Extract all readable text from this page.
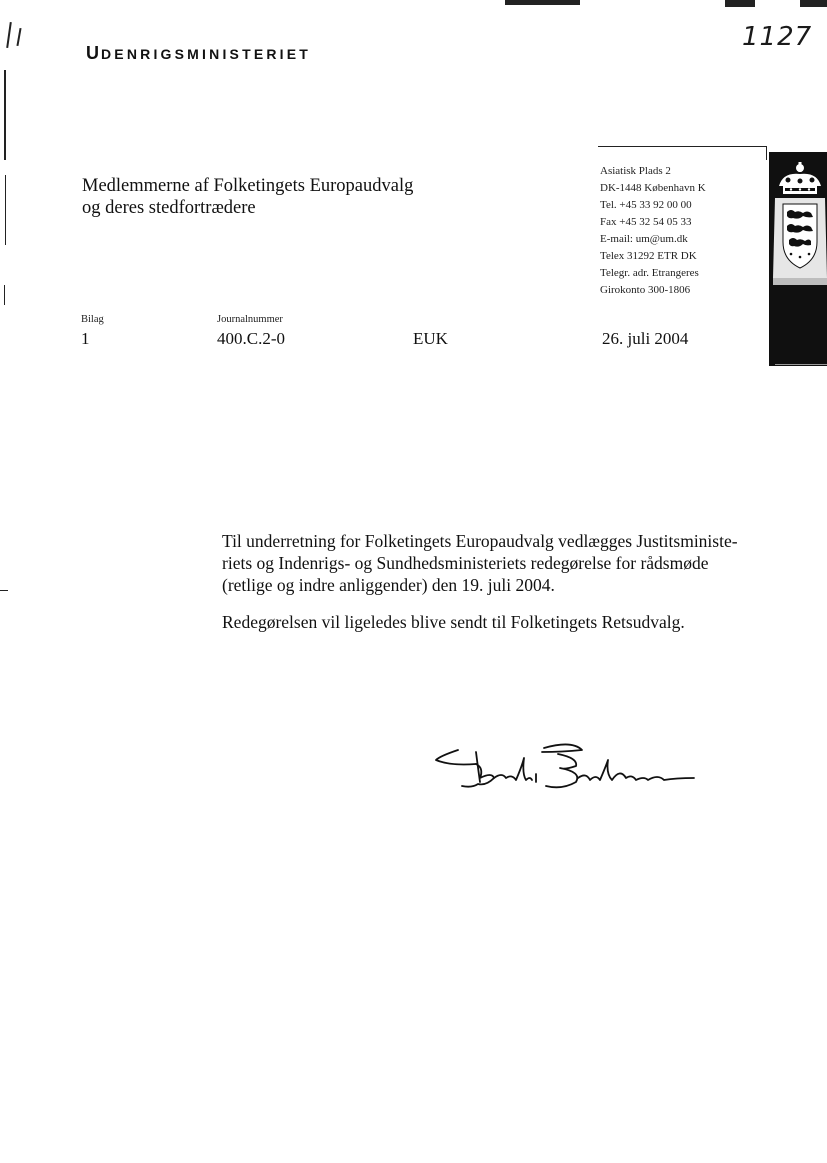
UDENRIGSMINISTERIET
1127
Medlemmerne af Folketingets Europaudvalg
og deres stedfortrædere
Asiatisk Plads 2
DK-1448 København K
Tel. +45 33 92 00 00
Fax +45 32 54 05 33
E-mail: um@um.dk
Telex 31292 ETR DK
Telegr. adr. Etrangeres
Girokonto 300-1806
Bilag
1
Journalnummer
400.C.2-0	EUK	26. juli 2004

Til underretning for Folketingets Europaudvalg vedlægges Justitsministe-

riets og Indenrigs- og Sundhedsministeriets redegørelse for rådsmøde

(retlige og indre anliggender) den 19. juli 2004.

Redegørelsen vil ligeledes blive sendt til Folketingets Retsudvalg.
